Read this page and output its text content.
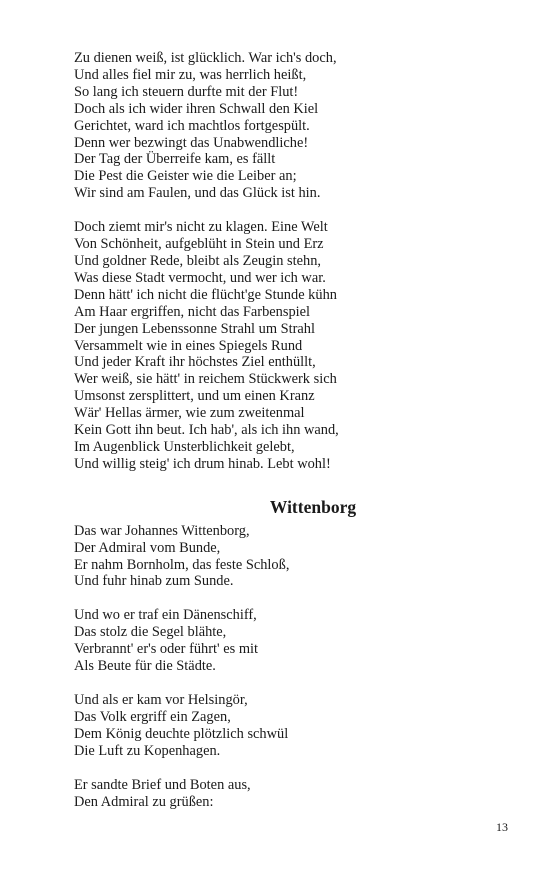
Zu dienen weiß, ist glücklich. War ich's doch,
Und alles fiel mir zu, was herrlich heißt,
So lang ich steuern durfte mit der Flut!
Doch als ich wider ihren Schwall den Kiel
Gerichtet, ward ich machtlos fortgespült.
Denn wer bezwingt das Unabwendliche!
Der Tag der Überreife kam, es fällt
Die Pest die Geister wie die Leiber an;
Wir sind am Faulen, und das Glück ist hin.
Doch ziemt mir's nicht zu klagen. Eine Welt
Von Schönheit, aufgeblüht in Stein und Erz
Und goldner Rede, bleibt als Zeugin stehn,
Was diese Stadt vermocht, und wer ich war.
Denn hätt' ich nicht die flücht'ge Stunde kühn
Am Haar ergriffen, nicht das Farbenspiel
Der jungen Lebenssonne Strahl um Strahl
Versammelt wie in eines Spiegels Rund
Und jeder Kraft ihr höchstes Ziel enthüllt,
Wer weiß, sie hätt' in reichem Stückwerk sich
Umsonst zersplittert, und um einen Kranz
Wär' Hellas ärmer, wie zum zweitenmal
Kein Gott ihn beut. Ich hab', als ich ihn wand,
Im Augenblick Unsterblichkeit gelebt,
Und willig steig' ich drum hinab. Lebt wohl!
Wittenborg
Das war Johannes Wittenborg,
Der Admiral vom Bunde,
Er nahm Bornholm, das feste Schloß,
Und fuhr hinab zum Sunde.
Und wo er traf ein Dänenschiff,
Das stolz die Segel blähte,
Verbrannt' er's oder führt' es mit
Als Beute für die Städte.
Und als er kam vor Helsingör,
Das Volk ergriff ein Zagen,
Dem König deuchte plötzlich schwül
Die Luft zu Kopenhagen.
Er sandte Brief und Boten aus,
Den Admiral zu grüßen:
13
